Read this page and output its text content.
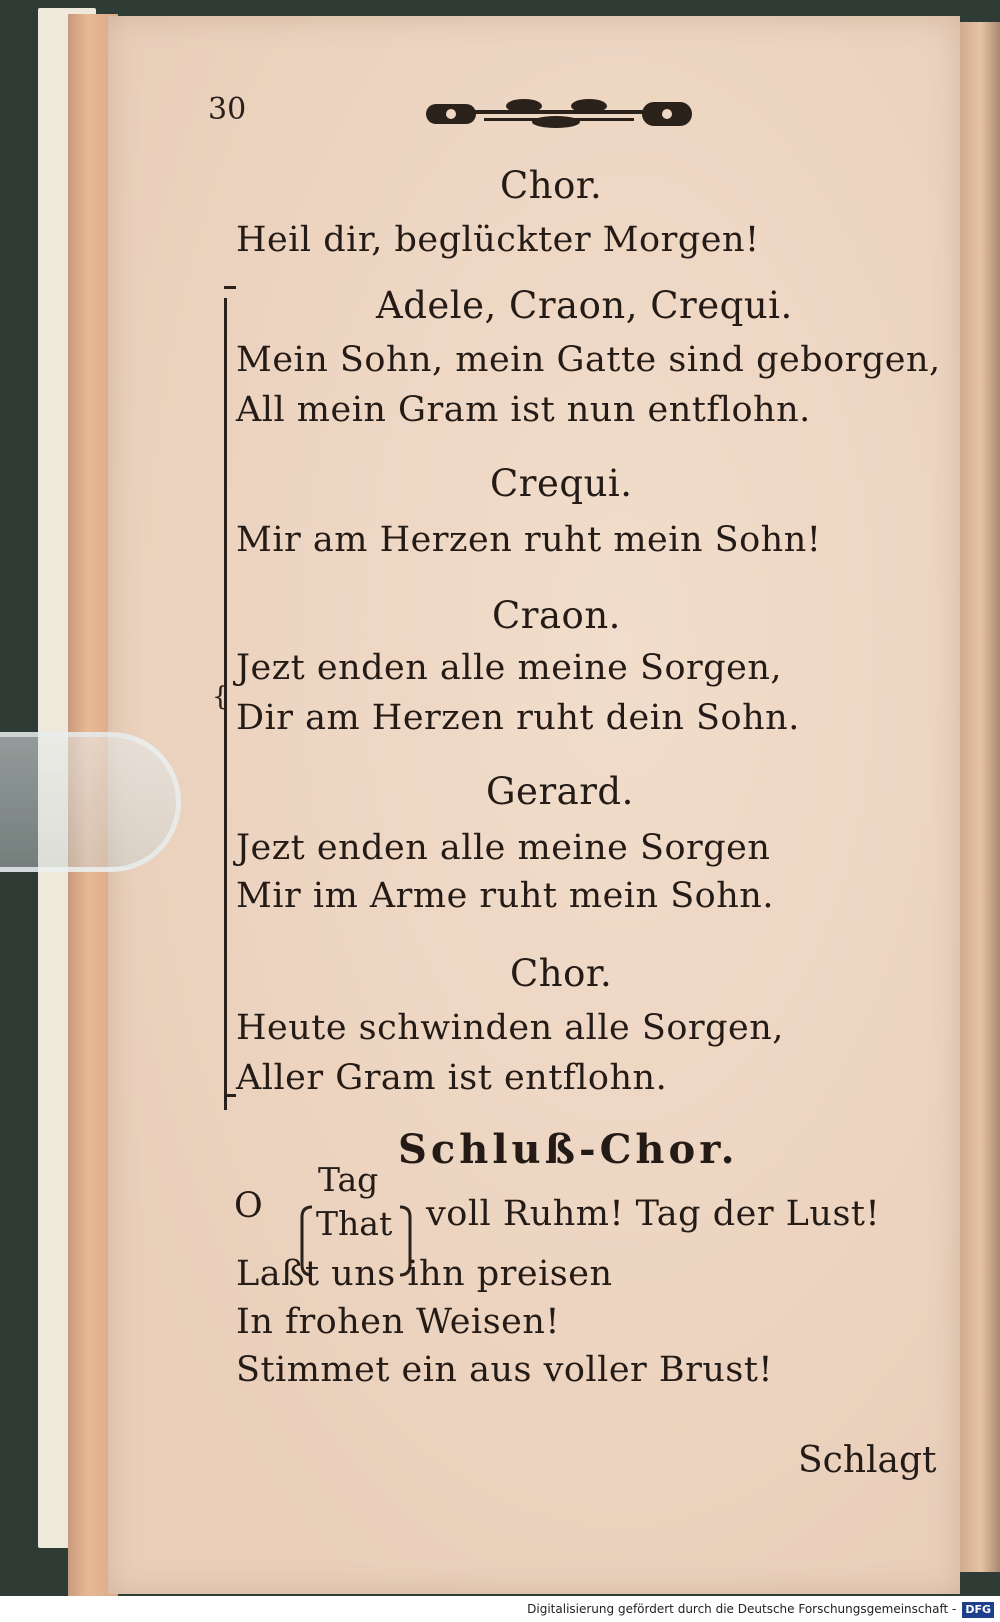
30
Chor.
Heil dir, beglückter Morgen!
{
Adele, Craon, Crequi.
Mein Sohn, mein Gatte sind geborgen,
All mein Gram ist nun entflohn.
Crequi.
Mir am Herzen ruht mein Sohn!
Craon.
Jezt enden alle meine Sorgen,
Dir am Herzen ruht dein Sohn.
Gerard.
Jezt enden alle meine Sorgen
Mir im Arme ruht mein Sohn.
Chor.
Heute schwinden alle Sorgen,
Aller Gram ist entflohn.
Schluß-Chor.
O
Tag
That voll Ruhm! Tag der Lust!
Laßt uns ihn preisen
In frohen Weisen!
Stimmet ein aus voller Brust!
Schlagt
Digitalisierung gefördert durch die Deutsche Forschungsgemeinschaft - DFG
